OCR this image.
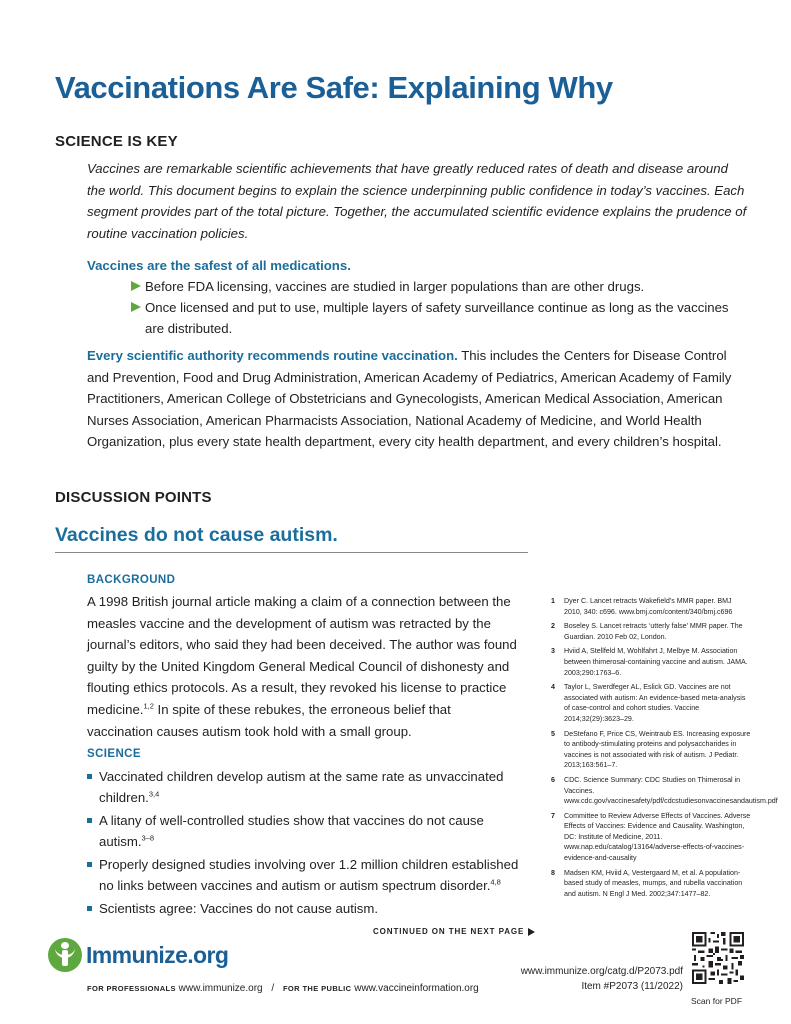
Vaccinations Are Safe: Explaining Why
SCIENCE IS KEY

Vaccines are remarkable scientific achievements that have greatly reduced rates of death and disease around the world. This document begins to explain the science underpinning public confidence in today’s vaccines. Each segment provides part of the total picture. Together, the accumulated scientific evidence explains the prudence of routine vaccination policies.

Vaccines are the safest of all medications.
Before FDA licensing, vaccines are studied in larger populations than are other drugs.
Once licensed and put to use, multiple layers of safety surveillance continue as long as the vaccines are distributed.

Every scientific authority recommends routine vaccination. This includes the Centers for Disease Control and Prevention, Food and Drug Administration, American Academy of Pediatrics, American Academy of Family Practitioners, American College of Obstetricians and Gynecologists, American Medical Association, American Nurses Association, American Pharmacists Association, National Academy of Medicine, and World Health Organization, plus every state health department, every city health department, and every children’s hospital.

DISCUSSION POINTS
Vaccines do not cause autism.
BACKGROUND

A 1998 British journal article making a claim of a connection between the measles vaccine and the development of autism was retracted by the journal’s editors, who said they had been deceived. The author was found guilty by the United Kingdom General Medical Council of dishonesty and flouting ethics protocols. As a result, they revoked his license to practice medicine.$^{1,2}$ In spite of these rebukes, the erroneous belief that vaccination causes autism took hold with a small group.

SCIENCE
Vaccinated children develop autism at the same rate as unvaccinated children.$^{3,4}$
A litany of well-controlled studies show that vaccines do not cause autism.$^{3-8}$
Properly designed studies involving over 1.2 million children established no links between vaccines and autism or autism spectrum disorder.$^{4,8}$
Scientists agree: Vaccines do not cause autism.
1 Dyer C. Lancet retracts Wakefield’s MMR paper. BMJ 2010, 340: c696. www.bmj.com/content/340/bmj.c696
2 Boseley S. Lancet retracts ‘utterly false’ MMR paper. The Guardian. 2010 Feb 02, London.
3 Hviid A, Stellfeld M, Wohlfahrt J, Melbye M. Association between thimerosal-containing vaccine and autism. JAMA. 2003;290:1763–6.
4 Taylor L, Swerdfeger AL, Eslick GD. Vaccines are not associated with autism: An evidence-based meta-analysis of case-control and cohort studies. Vaccine 2014;32(29):3623–29.
5 DeStefano F, Price CS, Weintraub ES. Increasing exposure to antibody-stimulating proteins and polysaccharides in vaccines is not associated with risk of autism. J Pediatr. 2013;163:561–7.
6 CDC. Science Summary: CDC Studies on Thimerosal in Vaccines. www.cdc.gov/vaccinesafety/pdf/cdcstudiesonvaccinesandautism.pdf
7 Committee to Review Adverse Effects of Vaccines. Adverse Effects of Vaccines: Evidence and Causality. Washington, DC: Institute of Medicine, 2011. www.nap.edu/catalog/13164/adverse-effects-of-vaccines-evidence-and-causality
8 Madsen KM, Hviid A, Vestergaard M, et al. A population-based study of measles, mumps, and rubella vaccination and autism. N Engl J Med. 2002;347:1477–82.
CONTINUED ON THE NEXT PAGE
Immunize.org
FOR PROFESSIONALS www.immunize.org / FOR THE PUBLIC www.vaccineinformation.org
www.immunize.org/catg.d/P2073.pdf
Item #P2073 (11/2022)
Scan for PDF
